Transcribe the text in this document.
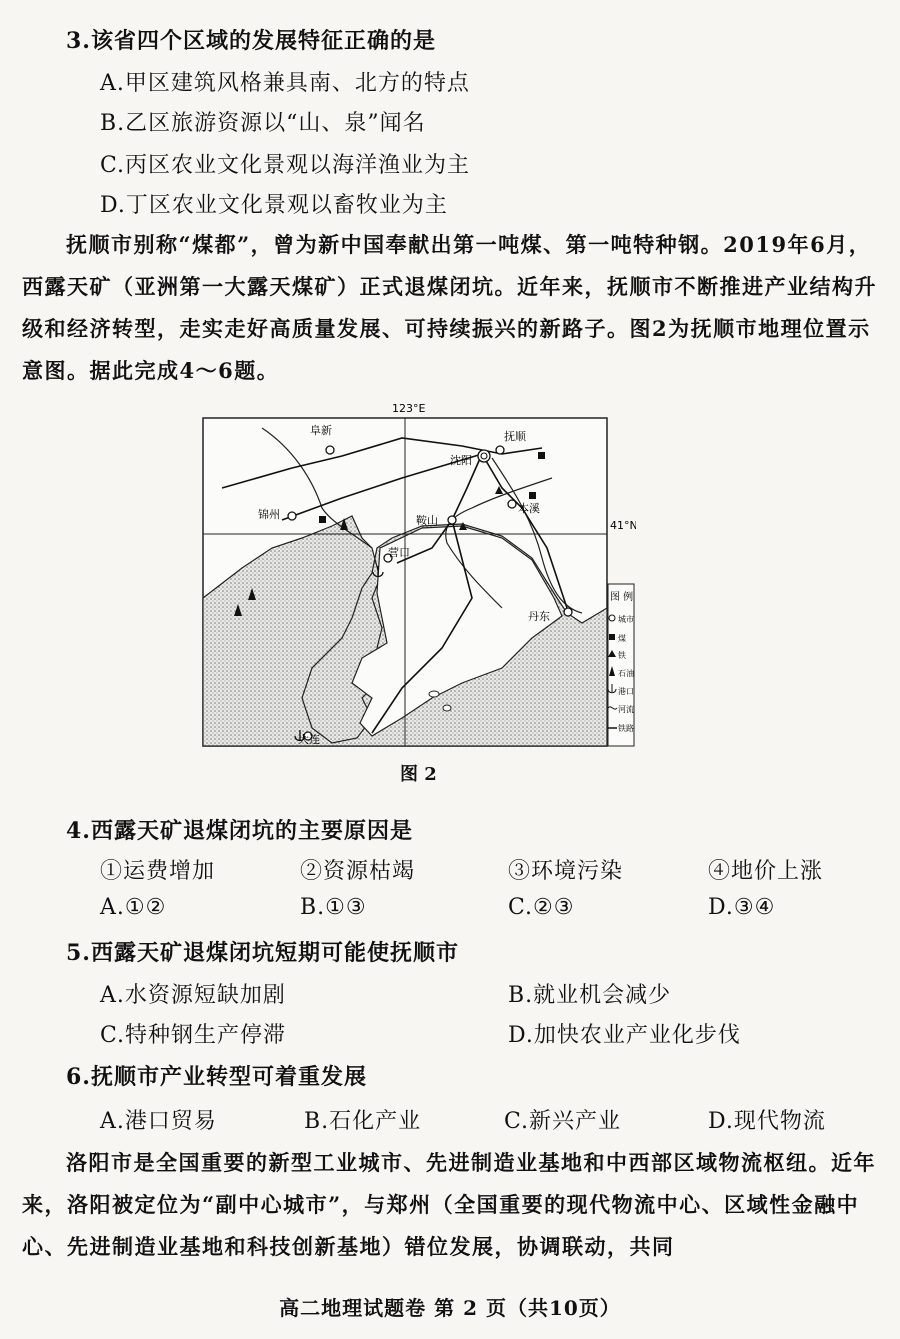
3.该省四个区域的发展特征正确的是
A.甲区建筑风格兼具南、北方的特点
B.乙区旅游资源以“山、泉”闻名
C.丙区农业文化景观以海洋渔业为主
D.丁区农业文化景观以畜牧业为主
抚顺市别称“煤都”，曾为新中国奉献出第一吨煤、第一吨特种钢。2019年6月，西露天矿（亚洲第一大露天煤矿）正式退煤闭坑。近年来，抚顺市不断推进产业结构升级和经济转型，走实走好高质量发展、可持续振兴的新路子。图2为抚顺市地理位置示意图。据此完成4～6题。
123°E
41°N
阜新	抚顺
沈阳
锦州	鞍山
本溪
营口
丹东
大连
图 例
城市
煤
铁
石油
港口
河流
铁路
图 2
4.西露天矿退煤闭坑的主要原因是
①运费增加	②资源枯竭	③环境污染	④地价上涨
A.①②	B.①③	C.②③	D.③④
5.西露天矿退煤闭坑短期可能使抚顺市
A.水资源短缺加剧	B.就业机会减少
C.特种钢生产停滞	D.加快农业产业化步伐
6.抚顺市产业转型可着重发展
A.港口贸易	B.石化产业	C.新兴产业	D.现代物流
洛阳市是全国重要的新型工业城市、先进制造业基地和中西部区域物流枢纽。近年来，洛阳被定位为“副中心城市”，与郑州（全国重要的现代物流中心、区域性金融中心、先进制造业基地和科技创新基地）错位发展，协调联动，共同
高二地理试题卷 第 2 页（共10页）
